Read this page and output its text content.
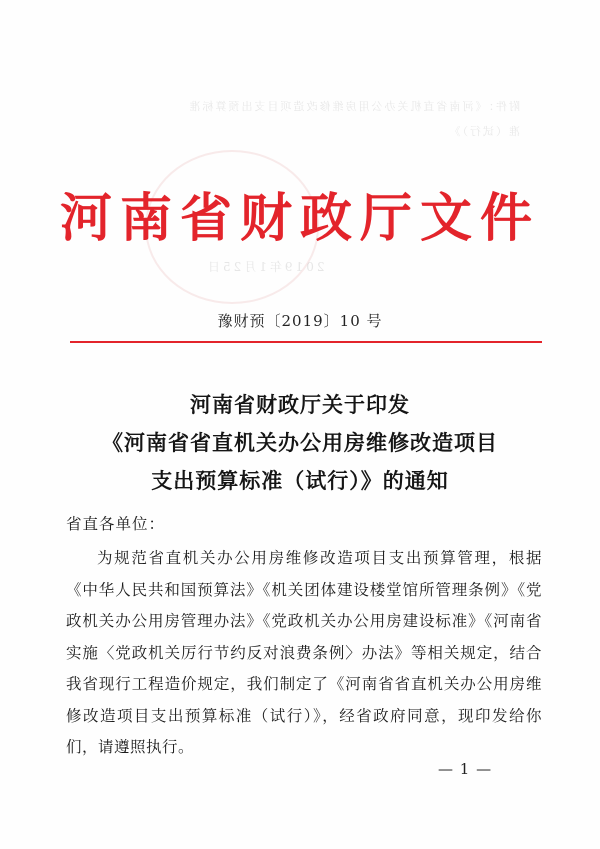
附件：《河南省直机关办公用房维修改造项目支出预算标准
准（试行）》
2019年1月25日
河南省财政厅文件
豫财预〔2019〕10 号
河南省财政厅关于印发
《河南省省直机关办公用房维修改造项目
支出预算标准（试行）》的通知
省直各单位：
为规范省直机关办公用房维修改造项目支出预算管理，根据《中华人民共和国预算法》《机关团体建设楼堂馆所管理条例》《党政机关办公用房管理办法》《党政机关办公用房建设标准》《河南省实施〈党政机关厉行节约反对浪费条例〉办法》等相关规定，结合我省现行工程造价规定，我们制定了《河南省省直机关办公用房维修改造项目支出预算标准（试行）》，经省政府同意，现印发给你们，请遵照执行。
— 1 —
